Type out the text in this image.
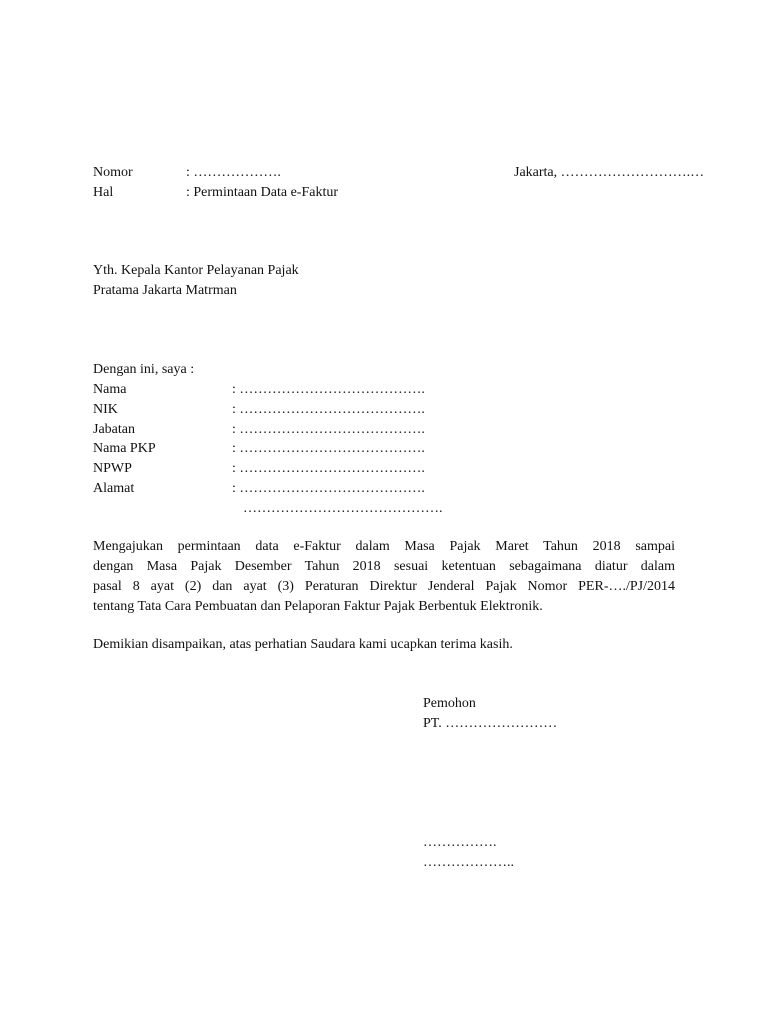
Nomor	: ……………….	Jakarta, ……………………….…
Hal	: Permintaan Data e-Faktur
Yth. Kepala Kantor Pelayanan Pajak
Pratama Jakarta Matrman
Dengan ini, saya :
Nama	: ………………………………….
NIK	: ………………………………….
Jabatan	: ………………………………….
Nama PKP	: ………………………………….
NPWP	: ………………………………….
Alamat	: ………………………………….
…………………………………….
Mengajukan permintaan data e-Faktur dalam Masa Pajak Maret Tahun 2018 sampai
dengan Masa Pajak Desember Tahun 2018 sesuai ketentuan sebagaimana diatur dalam
pasal 8 ayat (2) dan ayat (3) Peraturan Direktur Jenderal Pajak Nomor PER-…./PJ/2014
tentang Tata Cara Pembuatan dan Pelaporan Faktur Pajak Berbentuk Elektronik.
Demikian disampaikan, atas perhatian Saudara kami ucapkan terima kasih.
Pemohon
PT. ……………………
…………….
………………..
